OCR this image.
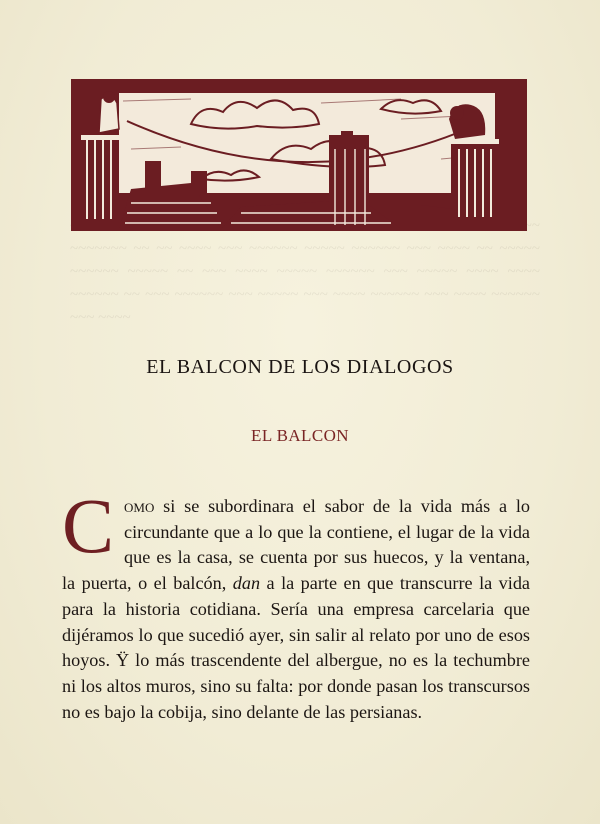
~~~ ~~~~~~~ ~~ ~~ ~~~~ ~~~ ~~~~~~ ~~~~~ ~~~~~~ ~~~ ~~~~ ~~ ~~~~~ ~~~~~~ ~~~~~ ~~ ~~~ ~~~~ ~~~~~ ~~~~~~ ~~~ ~~~~~ ~~~~ ~~~~ ~~~~~~ ~~ ~~~ ~~~~~~ ~~~ ~~~~~ ~~~ ~~~~ ~~~~~~ ~~~ ~~~~ ~~~~~~ ~~~ ~~~~
EL BALCON DE LOS DIALOGOS
EL BALCON
Como si se subordinara el sabor de la vida más a lo circundante que a lo que la contiene, el lugar de la vida que es la casa, se cuenta por sus huecos, y la ventana, la puerta, o el balcón, dan a la parte en que transcurre la vida para la historia cotidiana. Sería una empresa carcelaria que dijéramos lo que sucedió ayer, sin salir al relato por uno de esos hoyos. Ÿ lo más trascendente del albergue, no es la techumbre ni los altos muros, sino su falta: por donde pasan los transcursos no es bajo la cobija, sino delante de las persianas.
